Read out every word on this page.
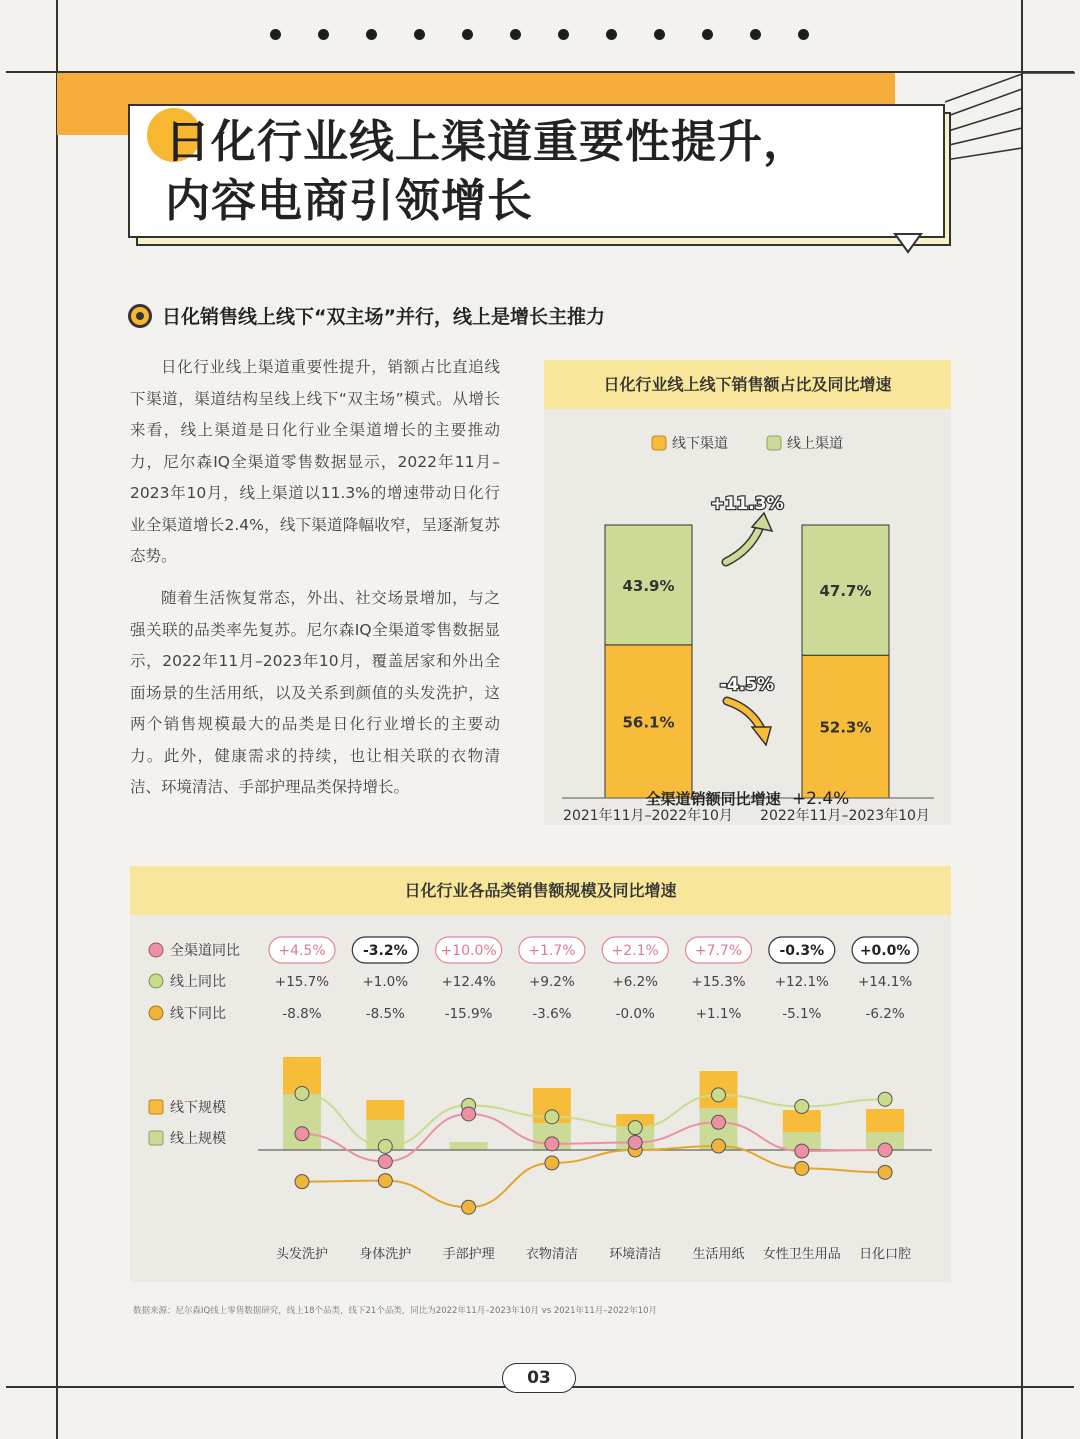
日化行业线上渠道重要性提升，
内容电商引领增长
日化销售线上线下“双主场”并行，线上是增长主推力
日化行业线上渠道重要性提升，销额占比直追线下渠道，渠道结构呈线上线下“双主场”模式。从增长来看，线上渠道是日化行业全渠道增长的主要推动力，尼尔森IQ全渠道零售数据显示，2022年11月–2023年10月，线上渠道以11.3%的增速带动日化行业全渠道增长2.4%，线下渠道降幅收窄，呈逐渐复苏态势。
随着生活恢复常态，外出、社交场景增加，与之强关联的品类率先复苏。尼尔森IQ全渠道零售数据显示，2022年11月–2023年10月，覆盖居家和外出全面场景的生活用纸，以及关系到颜值的头发洗护，这两个销售规模最大的品类是日化行业增长的主要动力。此外，健康需求的持续，也让相关联的衣物清洁、环境清洁、手部护理品类保持增长。
日化行业线上线下销售额占比及同比增速
线下渠道	线上渠道
56.1%
43.9%
52.3%
47.7%
+11.3%
-4.5%
2021年11月–2022年10月 2022年11月–2023年10月
全渠道销额同比增速 +2.4%
日化行业各品类销售额规模及同比增速
全渠道同比
线上同比
线下同比
线下规模
线上规模
+4.5%	-3.2% +10.0% +1.7%	+2.1%	+7.7%	-0.3%	+0.0%
+15.7% +1.0% +12.4% +9.2%	+6.2% +15.3% +12.1% +14.1%
-8.8%	-8.5%	-15.9%	-3.6%	-0.0%	+1.1%	-5.1%	-6.2%
头发洗护 身体洗护 手部护理 衣物清洁 环境清洁 生活用纸 女性卫生用品 日化口腔
数据来源：尼尔森IQ线上零售数据研究，线上18个品类，线下21个品类，同比为2022年11月–2023年10月 vs 2021年11月–2022年10月
03
